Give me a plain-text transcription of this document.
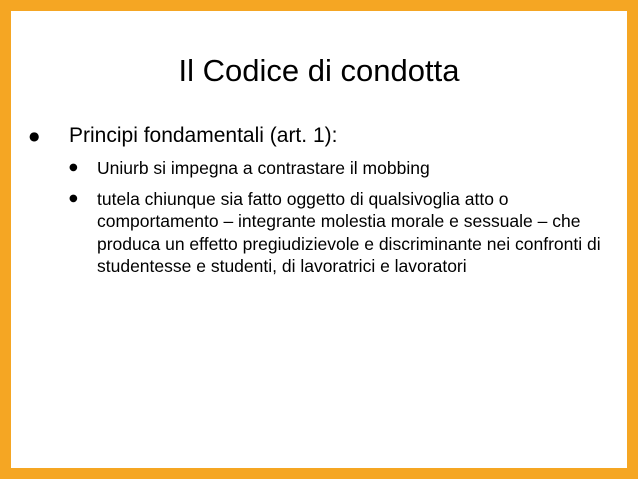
Il Codice di condotta
● Principi fondamentali (art. 1):
● Uniurb si impegna a contrastare il mobbing
● tutela chiunque sia fatto oggetto di qualsivoglia atto o comportamento – integrante molestia morale e sessuale – che produca un effetto pregiudizievole e discriminante nei confronti di studentesse e studenti, di lavoratrici e lavoratori
